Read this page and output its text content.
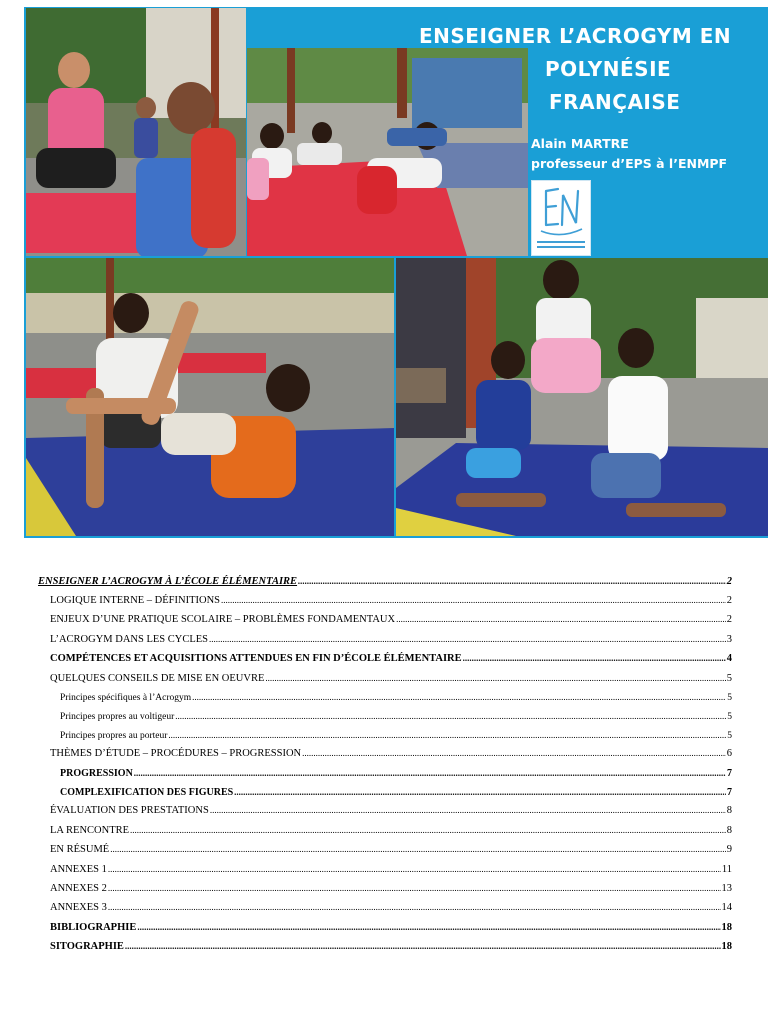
ENSEIGNER L’ACROGYM EN
POLYNÉSIE
FRANÇAISE
Alain MARTRE
professeur d’EPS à l’ENMPF
ENSEIGNER L’ACROGYM À L’ÉCOLE ÉLÉMENTAIRE .....	2
LOGIQUE INTERNE – DÉFINITIONS .....	2
ENJEUX D’UNE PRATIQUE SCOLAIRE – PROBLÈMES FONDAMENTAUX .....	2
L’ACROGYM DANS LES CYCLES .....	3
COMPÉTENCES ET ACQUISITIONS ATTENDUES EN FIN D’ÉCOLE ÉLÉMENTAIRE .....	4
QUELQUES CONSEILS DE MISE EN OEUVRE .....	5
Principes spécifiques à l’Acrogym .....	5
Principes propres au voltigeur .....	5
Principes propres au porteur .....	5
THÈMES D’ÉTUDE – PROCÉDURES – PROGRESSION .....	6
PROGRESSION .....	7
COMPLEXIFICATION DES FIGURES .....	7
ÉVALUATION DES PRESTATIONS .....	8
LA RENCONTRE .....	8
EN RÉSUMÉ .....	9
ANNEXES 1 .....	11
ANNEXES 2 .....	13
ANNEXES 3 .....	14
BIBLIOGRAPHIE .....	18
SITOGRAPHIE .....	18
